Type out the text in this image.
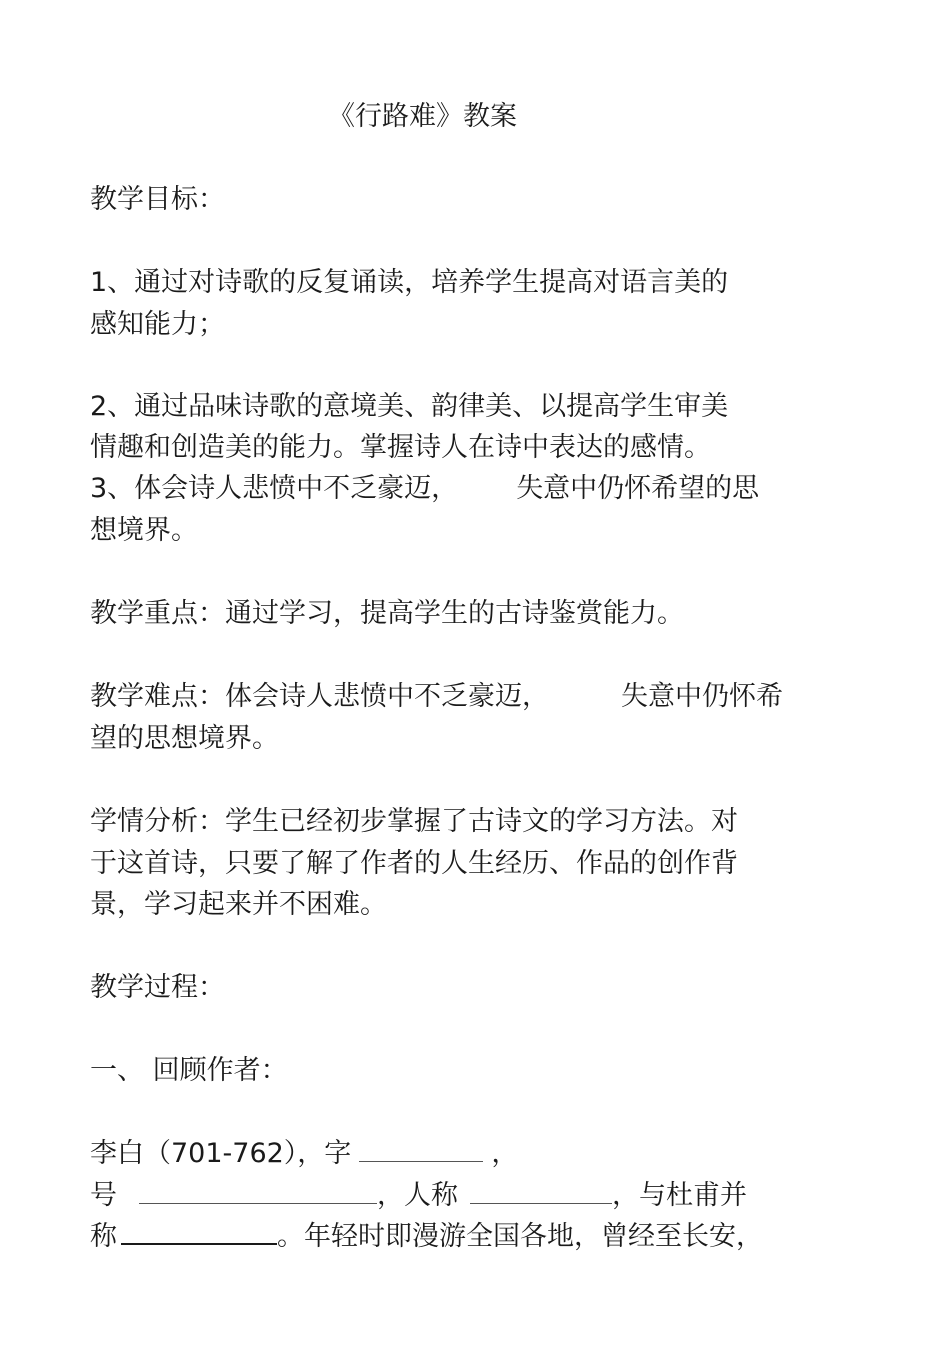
《行路难》教案
教学目标：
1、通过对诗歌的反复诵读，培养学生提高对语言美的
感知能力；
2、通过品味诗歌的意境美、韵律美、以提高学生审美
情趣和创造美的能力。掌握诗人在诗中表达的感情。
3、体会诗人悲愤中不乏豪迈， 失意中仍怀希望的思
想境界。
教学重点：通过学习，提高学生的古诗鉴赏能力。
教学难点：体会诗人悲愤中不乏豪迈，	失意中仍怀希
望的思想境界。
学情分析：学生已经初步掌握了古诗文的学习方法。对
于这首诗，只要了解了作者的人生经历、作品的创作背
景，学习起来并不困难。
教学过程：
一、 回顾作者：
李白（701-762），字	，
号	，人称	，与杜甫并
称	。年轻时即漫游全国各地，曾经至长安，
